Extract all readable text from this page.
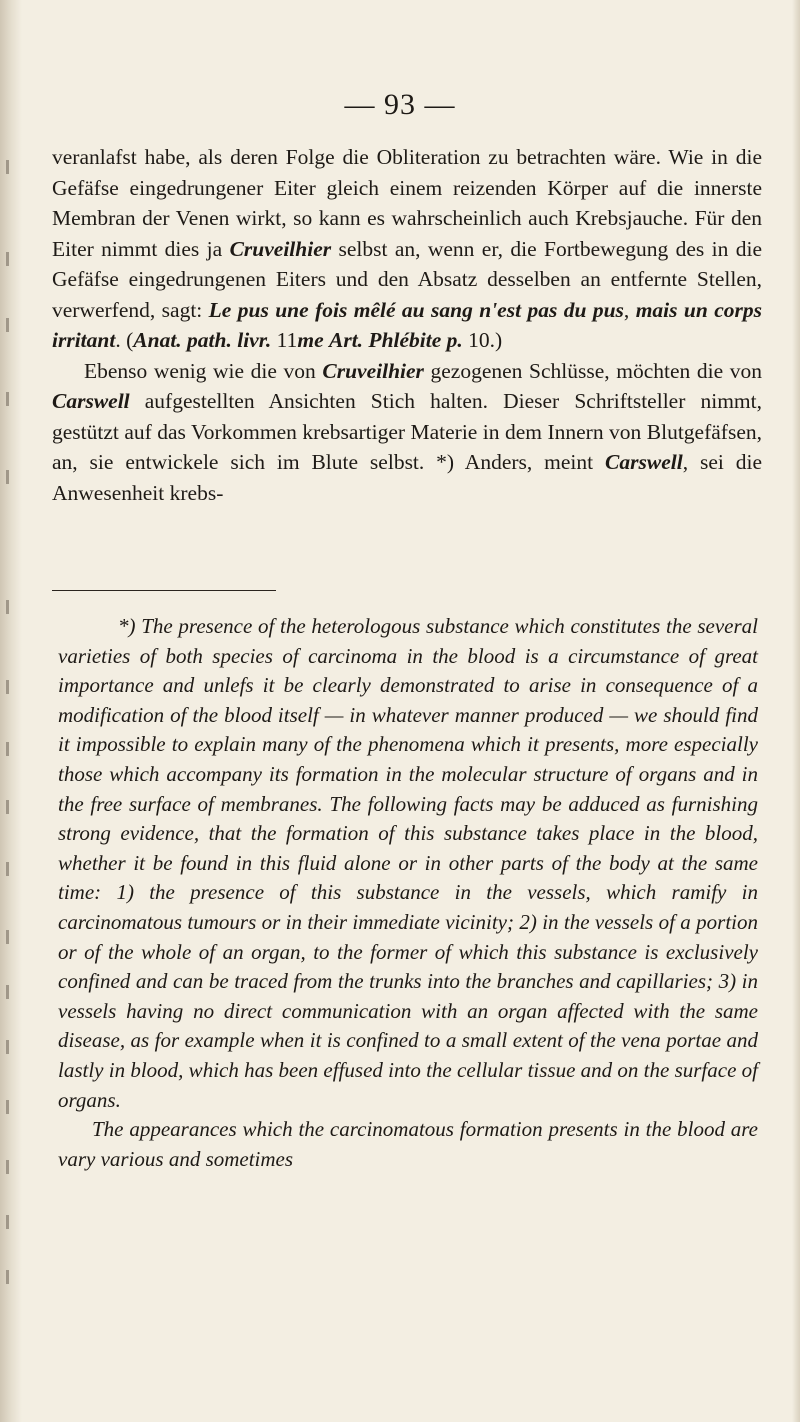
— 93 —

veranlafst habe, als deren Folge die Obliteration zu betrachten wäre. Wie in die Gefäfse eingedrungener Eiter gleich einem reizenden Körper auf die innerste Membran der Venen wirkt, so kann es wahrscheinlich auch Krebsjauche. Für den Eiter nimmt dies ja Cruveilhier selbst an, wenn er, die Fortbewegung des in die Gefäfse eingedrungenen Eiters und den Absatz desselben an entfernte Stellen, verwerfend, sagt: Le pus une fois mêlé au sang n'est pas du pus, mais un corps irritant. (Anat. path. livr. 11me Art. Phlébite p. 10.)

Ebenso wenig wie die von Cruveilhier gezogenen Schlüsse, möchten die von Carswell aufgestellten Ansichten Stich halten. Dieser Schriftsteller nimmt, gestützt auf das Vorkommen krebsartiger Materie in dem Innern von Blutgefäfsen, an, sie entwickele sich im Blute selbst. *) Anders, meint Carswell, sei die Anwesenheit krebs-

*) The presence of the heterologous substance which constitutes the several varieties of both species of carcinoma in the blood is a circumstance of great importance and unlefs it be clearly demonstrated to arise in consequence of a modification of the blood itself — in whatever manner produced — we should find it impossible to explain many of the phenomena which it presents, more especially those which accompany its formation in the molecular structure of organs and in the free surface of membranes. The following facts may be adduced as furnishing strong evidence, that the formation of this substance takes place in the blood, whether it be found in this fluid alone or in other parts of the body at the same time: 1) the presence of this substance in the vessels, which ramify in carcinomatous tumours or in their immediate vicinity; 2) in the vessels of a portion or of the whole of an organ, to the former of which this substance is exclusively confined and can be traced from the trunks into the branches and capillaries; 3) in vessels having no direct communication with an organ affected with the same disease, as for example when it is confined to a small extent of the vena portae and lastly in blood, which has been effused into the cellular tissue and on the surface of organs.

The appearances which the carcinomatous formation presents in the blood are vary various and sometimes
